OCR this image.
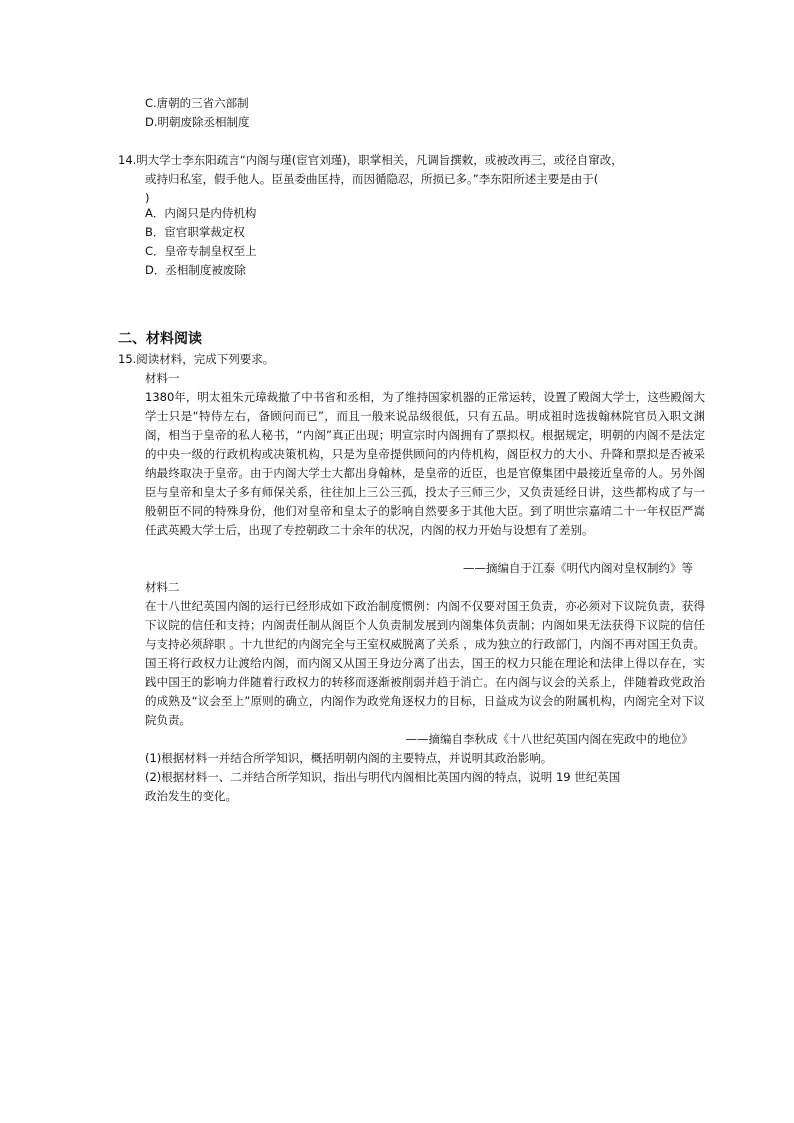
C.唐朝的三省六部制
D.明朝废除丞相制度
14.明大学士李东阳疏言“内阁与瑾(宦官刘瑾)，职掌相关，凡调旨撰敕，或被改再三，或径自窜改，
或持归私室，假手他人。臣虽委曲匡持，而因循隐忍，所损已多。”李东阳所述主要是由于(
)
A．内阁只是内侍机构
B．宦官职掌裁定权
C．皇帝专制皇权至上
D．丞相制度被废除
二、材料阅读
15.阅读材料，完成下列要求。
材料一

1380年，明太祖朱元璋裁撤了中书省和丞相，为了维持国家机器的正常运转，设置了殿阁大学士，这些殿阁大学士只是“特侍左右，备顾问而已”，而且一般来说品级很低，只有五品。明成祖时选拔翰林院官员入职文渊阁，相当于皇帝的私人秘书，“内阁”真正出现；明宣宗时内阁拥有了票拟权。根据规定，明朝的内阁不是法定的中央一级的行政机构或决策机构，只是为皇帝提供顾问的内侍机构，阁臣权力的大小、升降和票拟是否被采纳最终取决于皇帝。由于内阁大学士大都出身翰林，是皇帝的近臣，也是官僚集团中最接近皇帝的人。另外阁臣与皇帝和皇太子多有师保关系，往往加上三公三孤，投太子三师三少，又负责延经日讲，这些都构成了与一般朝臣不同的特殊身份，他们对皇帝和皇太子的影响自然要多于其他大臣。到了明世宗嘉靖二十一年权臣严嵩任武英殿大学士后，出现了专控朝政二十余年的状况，内阁的权力开始与设想有了差别。

——摘编自于江泰《明代内阁对皇权制约》等
材料二

在十八世纪英国内阁的运行已经形成如下政治制度惯例：内阁不仅要对国王负责，亦必须对下议院负责，获得下议院的信任和支持；内阁责任制从阁臣个人负责制发展到内阁集体负责制；内阁如果无法获得下议院的信任与支持必须辞职 。十九世纪的内阁完全与王室权威脱离了关系 ，成为独立的行政部门，内阁不再对国王负责。国王将行政权力让渡给内阁，而内阁又从国王身边分离了出去，国王的权力只能在理论和法律上得以存在，实践中国王的影响力伴随着行政权力的转移而逐渐被削弱并趋于消亡。在内阁与议会的关系上，伴随着政党政治的成熟及“议会至上”原则的确立，内阁作为政党角逐权力的目标，日益成为议会的附属机构，内阁完全对下议院负责。

——摘编自李秋成《十八世纪英国内阁在宪政中的地位》
(1)根据材料一并结合所学知识，概括明朝内阁的主要特点，并说明其政治影响。
(2)根据材料一、二并结合所学知识，指出与明代内阁相比英国内阁的特点，说明 19 世纪英国
政治发生的变化。
